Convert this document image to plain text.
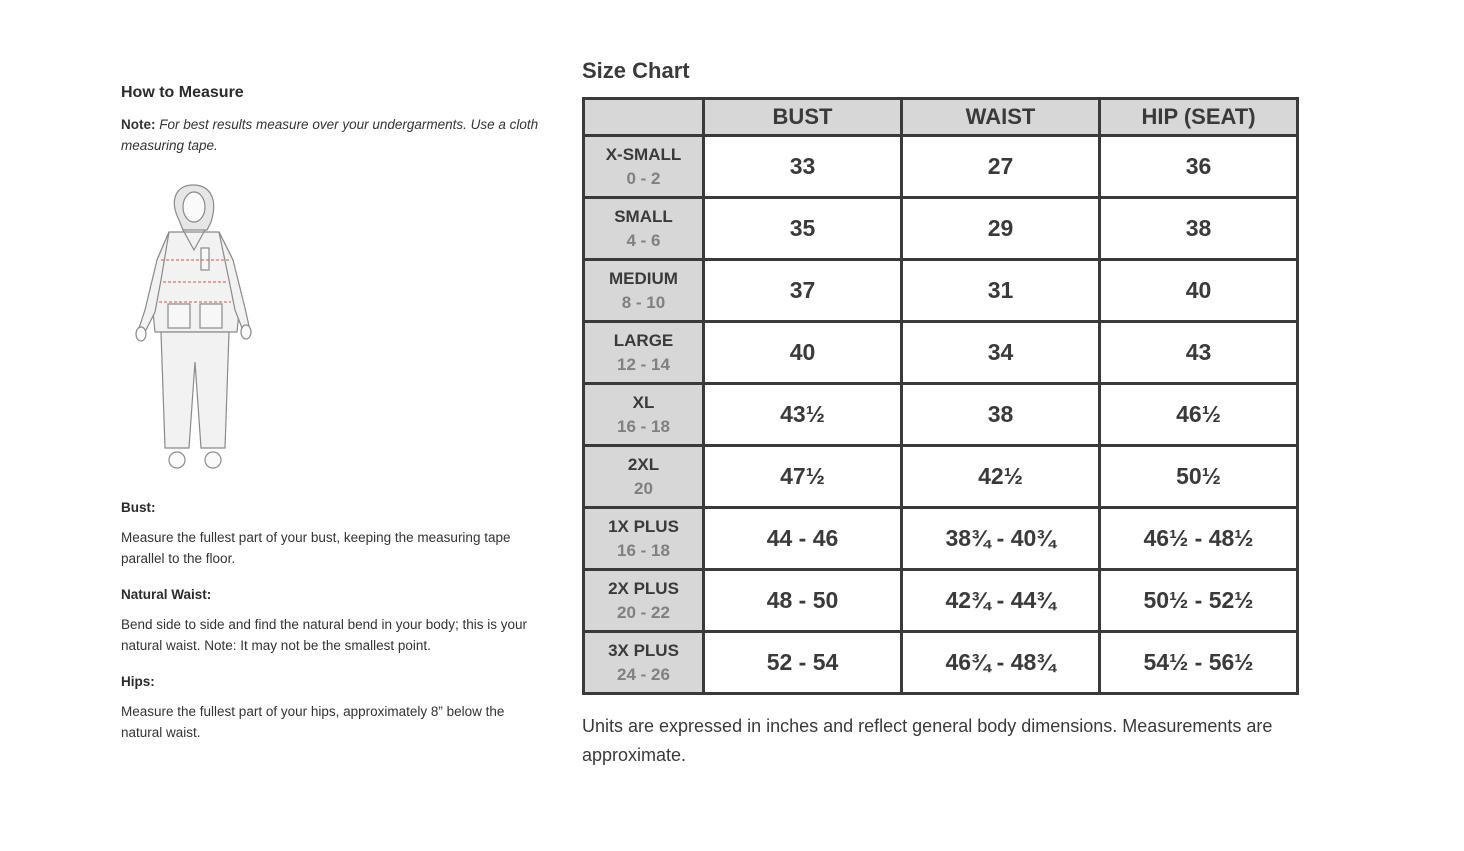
How to Measure
Note: For best results measure over your undergarments. Use a cloth measuring tape.

Bust:

Measure the fullest part of your bust, keeping the measuring tape parallel to the floor.

Natural Waist:

Bend side to side and find the natural bend in your body; this is your natural waist. Note: It may not be the smallest point.

Hips:

Measure the fullest part of your hips, approximately 8” below the natural waist.

Size Chart
	BUST	WAIST	HIP (SEAT)

X-SMALL
0 - 2	33	27	36

SMALL
4 - 6	35	29	38

MEDIUM
8 - 10	37	31	40

LARGE
12 - 14	40	34	43

XL
16 - 18	43½	38	46½

2XL
20	47½	42½	50½

1X PLUS
16 - 18	44 - 46	38¾ - 40¾	46½ - 48½

2X PLUS
20 - 22	48 - 50	42¾ - 44¾	50½ - 52½

3X PLUS
24 - 26	52 - 54	46¾ - 48¾	54½ - 56½
Units are expressed in inches and reflect general body dimensions. Measurements are approximate.
